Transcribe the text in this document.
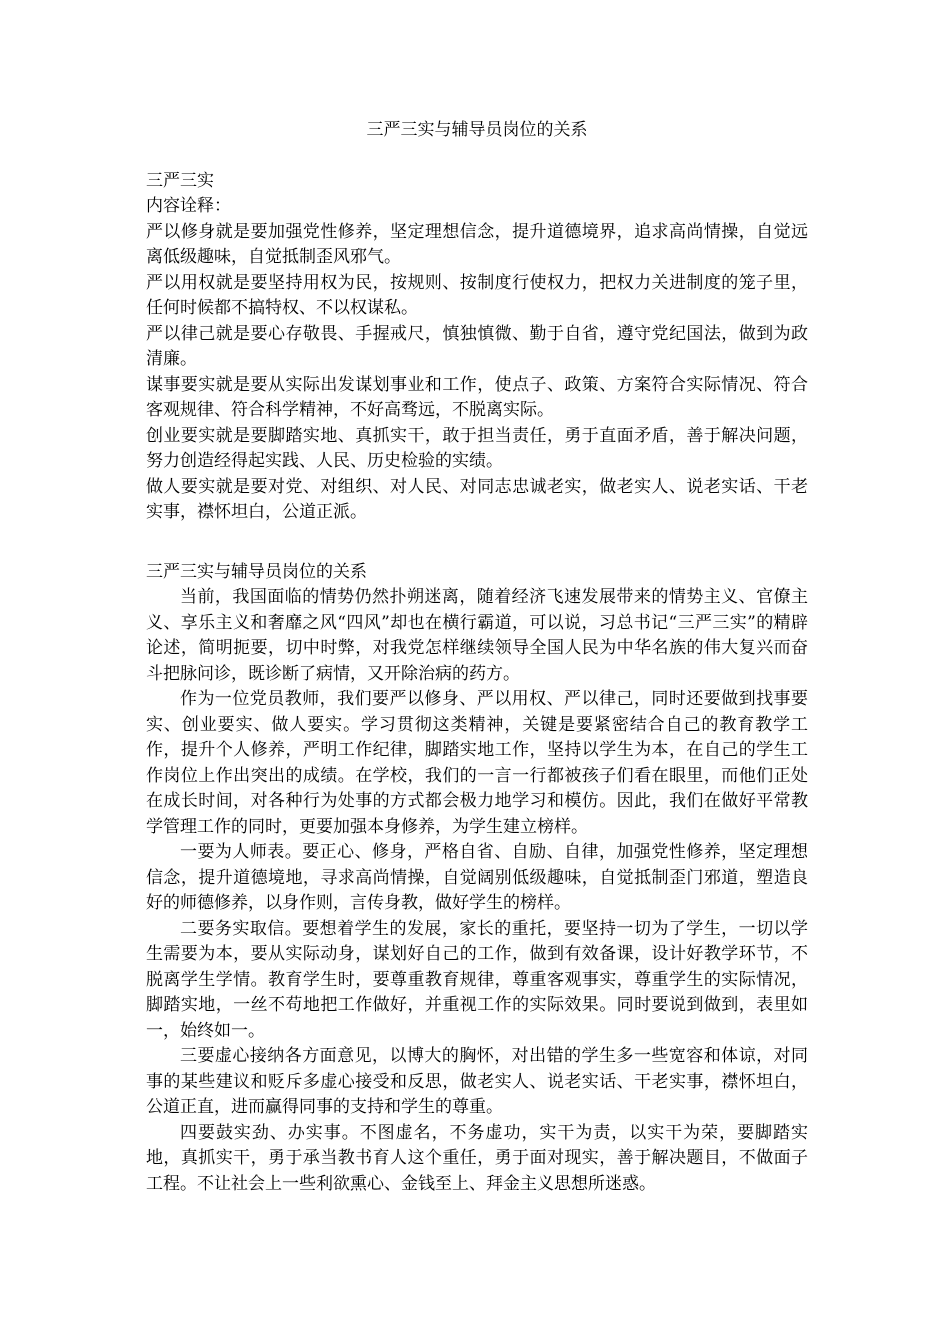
三严三实与辅导员岗位的关系

三严三实

内容诠释：

严以修身就是要加强党性修养，坚定理想信念，提升道德境界，追求高尚情操，自觉远离低级趣味，自觉抵制歪风邪气。

严以用权就是要坚持用权为民，按规则、按制度行使权力，把权力关进制度的笼子里，任何时候都不搞特权、不以权谋私。

严以律己就是要心存敬畏、手握戒尺，慎独慎微、勤于自省，遵守党纪国法，做到为政清廉。

谋事要实就是要从实际出发谋划事业和工作，使点子、政策、方案符合实际情况、符合客观规律、符合科学精神，不好高骛远，不脱离实际。

创业要实就是要脚踏实地、真抓实干，敢于担当责任，勇于直面矛盾，善于解决问题，努力创造经得起实践、人民、历史检验的实绩。

做人要实就是要对党、对组织、对人民、对同志忠诚老实，做老实人、说老实话、干老实事，襟怀坦白，公道正派。

三严三实与辅导员岗位的关系

当前，我国面临的情势仍然扑朔迷离，随着经济飞速发展带来的情势主义、官僚主义、享乐主义和奢靡之风“四风”却也在横行霸道，可以说，习总书记“三严三实”的精辟论述，简明扼要，切中时弊，对我党怎样继续领导全国人民为中华名族的伟大复兴而奋斗把脉问诊，既诊断了病情，又开除治病的药方。

作为一位党员教师，我们要严以修身、严以用权、严以律己，同时还要做到找事要实、创业要实、做人要实。学习贯彻这类精神，关键是要紧密结合自己的教育教学工作，提升个人修养，严明工作纪律，脚踏实地工作，坚持以学生为本，在自己的学生工作岗位上作出突出的成绩。在学校，我们的一言一行都被孩子们看在眼里，而他们正处在成长时间，对各种行为处事的方式都会极力地学习和模仿。因此，我们在做好平常教学管理工作的同时，更要加强本身修养，为学生建立榜样。

一要为人师表。要正心、修身，严格自省、自励、自律，加强党性修养，坚定理想信念，提升道德境地，寻求高尚情操，自觉阔别低级趣味，自觉抵制歪门邪道，塑造良好的师德修养，以身作则，言传身教，做好学生的榜样。

二要务实取信。要想着学生的发展，家长的重托，要坚持一切为了学生，一切以学生需要为本，要从实际动身，谋划好自己的工作，做到有效备课，设计好教学环节，不脱离学生学情。教育学生时，要尊重教育规律，尊重客观事实，尊重学生的实际情况，脚踏实地，一丝不苟地把工作做好，并重视工作的实际效果。同时要说到做到，表里如一，始终如一。

三要虚心接纳各方面意见，以博大的胸怀，对出错的学生多一些宽容和体谅，对同事的某些建议和贬斥多虚心接受和反思，做老实人、说老实话、干老实事，襟怀坦白，公道正直，进而赢得同事的支持和学生的尊重。

四要鼓实劲、办实事。不图虚名，不务虚功，实干为责，以实干为荣，要脚踏实地，真抓实干，勇于承当教书育人这个重任，勇于面对现实，善于解决题目，不做面子工程。不让社会上一些利欲熏心、金钱至上、拜金主义思想所迷惑。
